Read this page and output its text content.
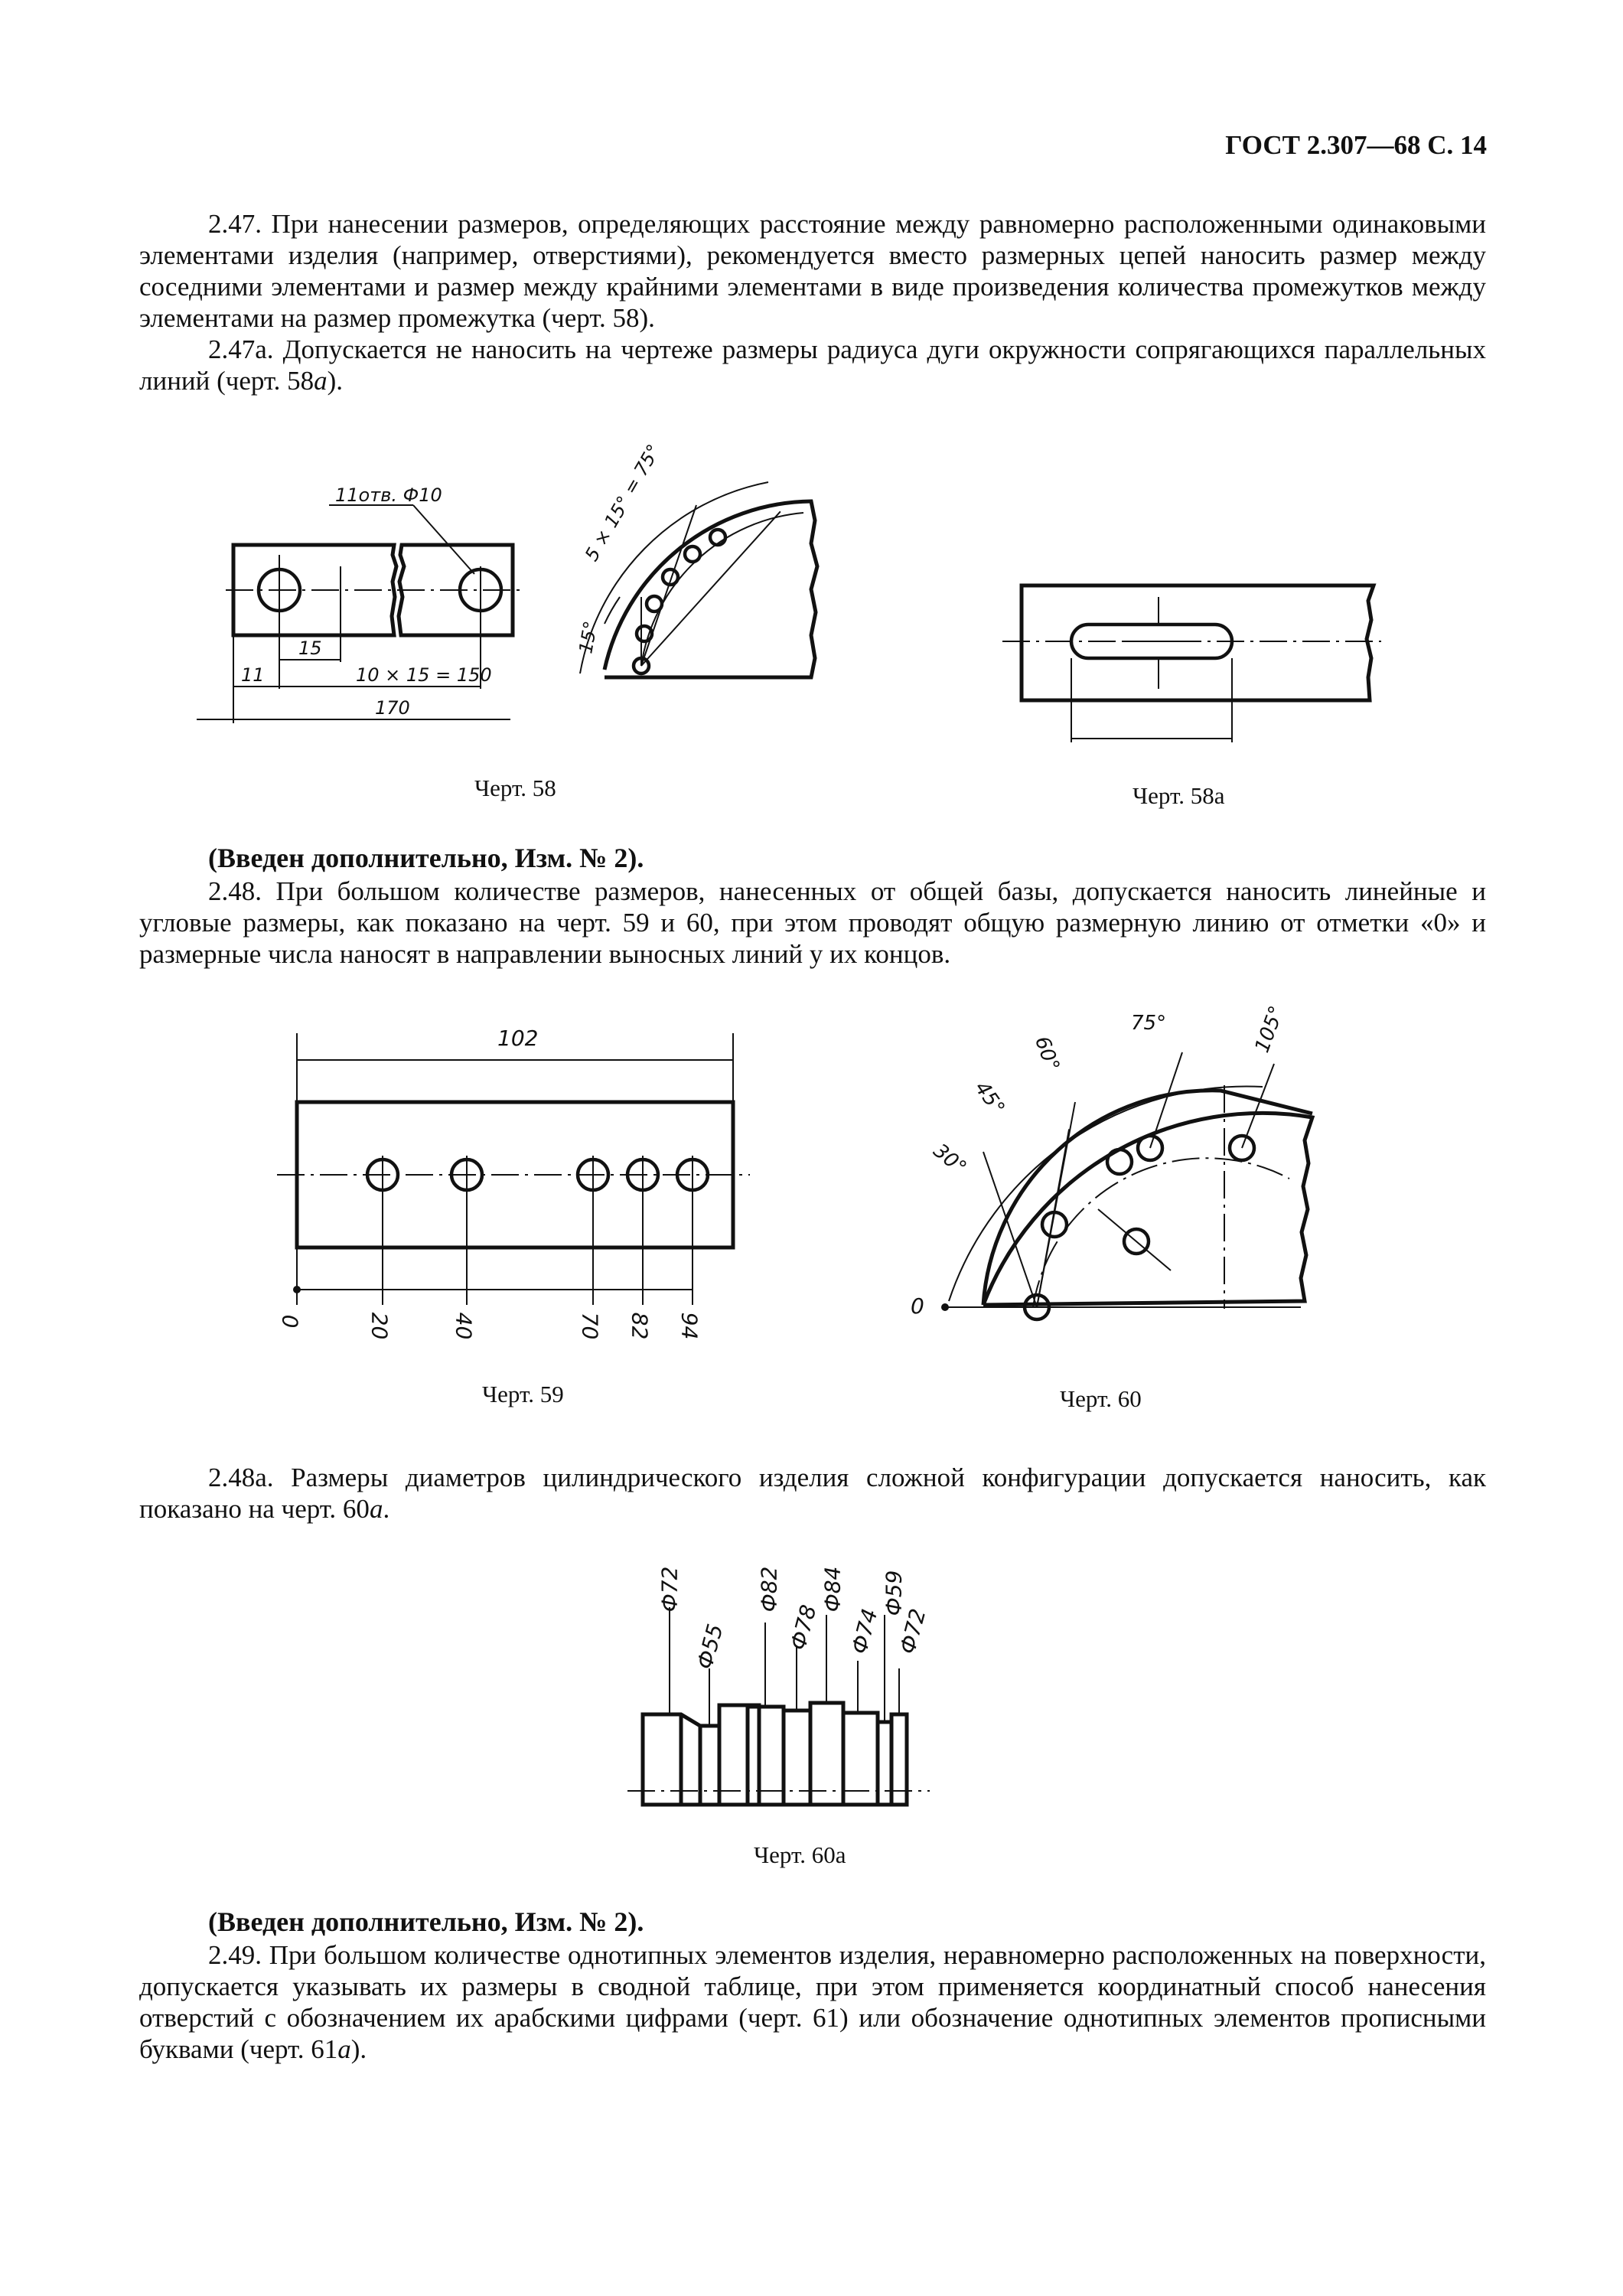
ГОСТ 2.307—68 С. 14

2.47. При нанесении размеров, определяющих расстояние между равномерно расположенными одинаковыми элементами изделия (например, отверстиями), рекомендуется вместо размерных цепей наносить размер между соседними элементами и размер между крайними элементами в виде произведения количества промежутков между элементами на размер промежутка (черт. 58).

2.47а. Допускается не наносить на чертеже размеры радиуса дуги окружности сопрягающихся параллельных линий (черт. 58а).

11отв. Ф10
15
11	10 × 15 = 150
170
5 × 15° = 75°
15°
Черт. 58	Черт. 58а
(Введен дополнительно, Изм. № 2).

2.48. При большом количестве размеров, нанесенных от общей базы, допускается наносить линейные и угловые размеры, как показано на черт. 59 и 60, при этом проводят общую размерную линию от отметки «0» и размерные числа наносят в направлении выносных линий у их концов.

102
0	20	40	70 82 94
Черт. 59
0
30°
45°
60°
75°	105°
Черт. 60

2.48а. Размеры диаметров цилиндрического изделия сложной конфигурации допускается наносить, как показано на черт. 60а.

Ф72
Ф55
Ф82
Ф78
Ф84
Ф74
Ф59
Ф72
Черт. 60а
(Введен дополнительно, Изм. № 2).

2.49. При большом количестве однотипных элементов изделия, неравномерно расположенных на поверхности, допускается указывать их размеры в сводной таблице, при этом применяется координатный способ нанесения отверстий с обозначением их арабскими цифрами (черт. 61) или обозначение однотипных элементов прописными буквами (черт. 61а).
